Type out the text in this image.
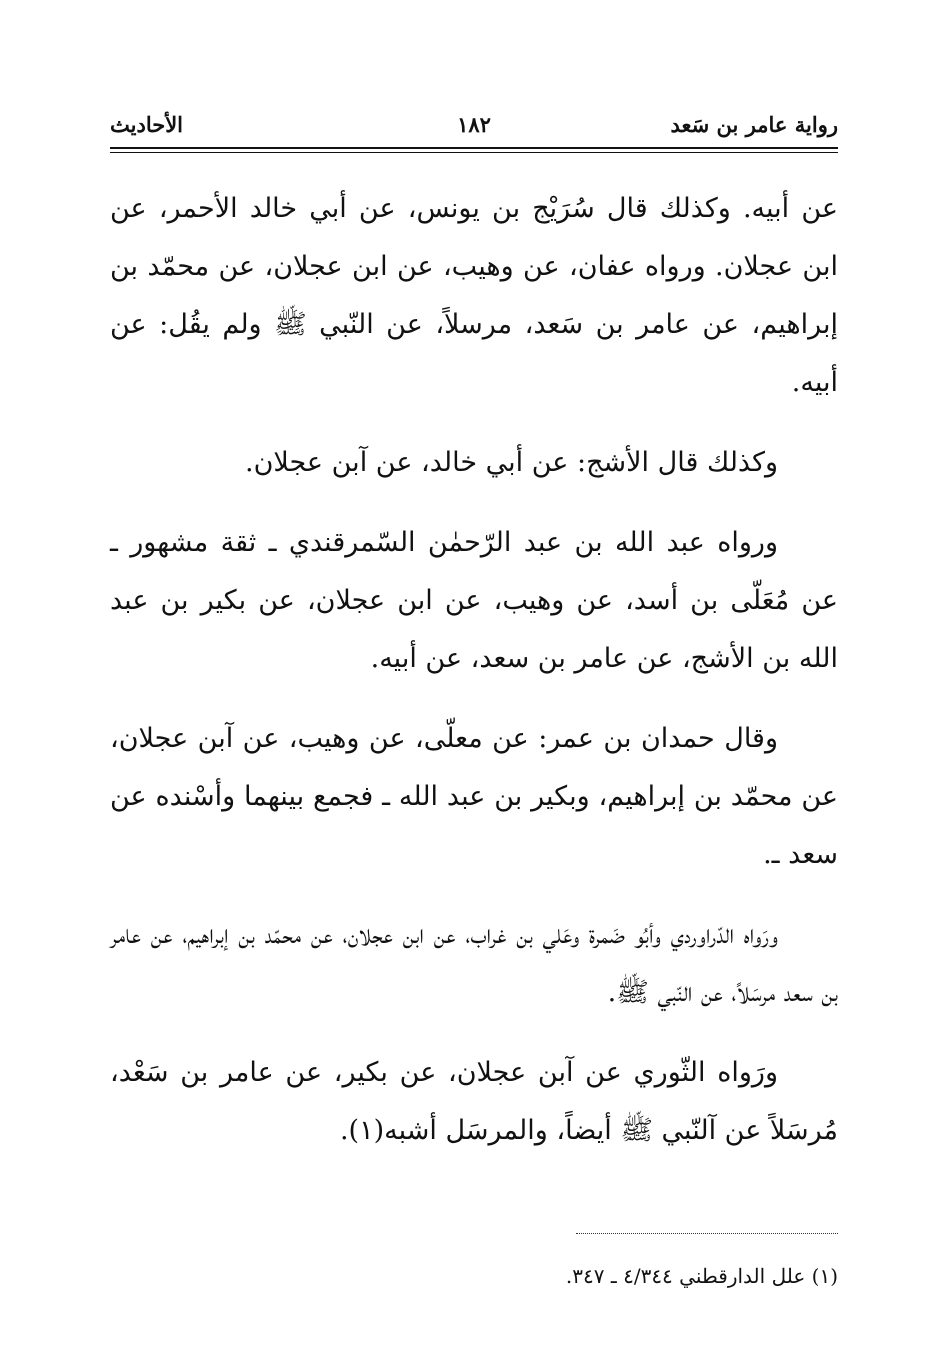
رواية عامر بن سَعد
١٨٢
الأحاديث

عن أبيه. وكذلك قال سُرَيْج بن يونس، عن أبي خالد الأحمر، عن ابن عجلان. ورواه عفان، عن وهيب، عن ابن عجلان، عن محمّد بن إبراهيم، عن عامر بن سَعد، مرسلاً، عن النّبي ﷺ ولم يقُل: عن أبيه.

وكذلك قال الأشج: عن أبي خالد، عن آبن عجلان.

ورواه عبد الله بن عبد الرّحمٰن السّمرقندي ـ ثقة مشهور ـ عن مُعَلّى بن أسد، عن وهيب، عن ابن عجلان، عن بكير بن عبد الله بن الأشج، عن عامر بن سعد، عن أبيه.

وقال حمدان بن عمر: عن معلّى، عن وهيب، عن آبن عجلان، عن محمّد بن إبراهيم، وبكير بن عبد الله ـ فجمع بينهما وأسْنده عن سعد ـ.

ورَواه الدّراوردي وأبُو ضَمرة وعَلي بن غراب، عن ابن عجلان، عن محمّد بن إبراهيم، عن عامر بن سعد مرسَلاً، عن النّبي ﷺ.

ورَواه الثّوري عن آبن عجلان، عن بكير، عن عامر بن سَعْد، مُرسَلاً عن آلنّبي ﷺ أيضاً، والمرسَل أشبه(١).

(١) علل الدارقطني ٤/٣٤٤ ـ ٣٤٧.
